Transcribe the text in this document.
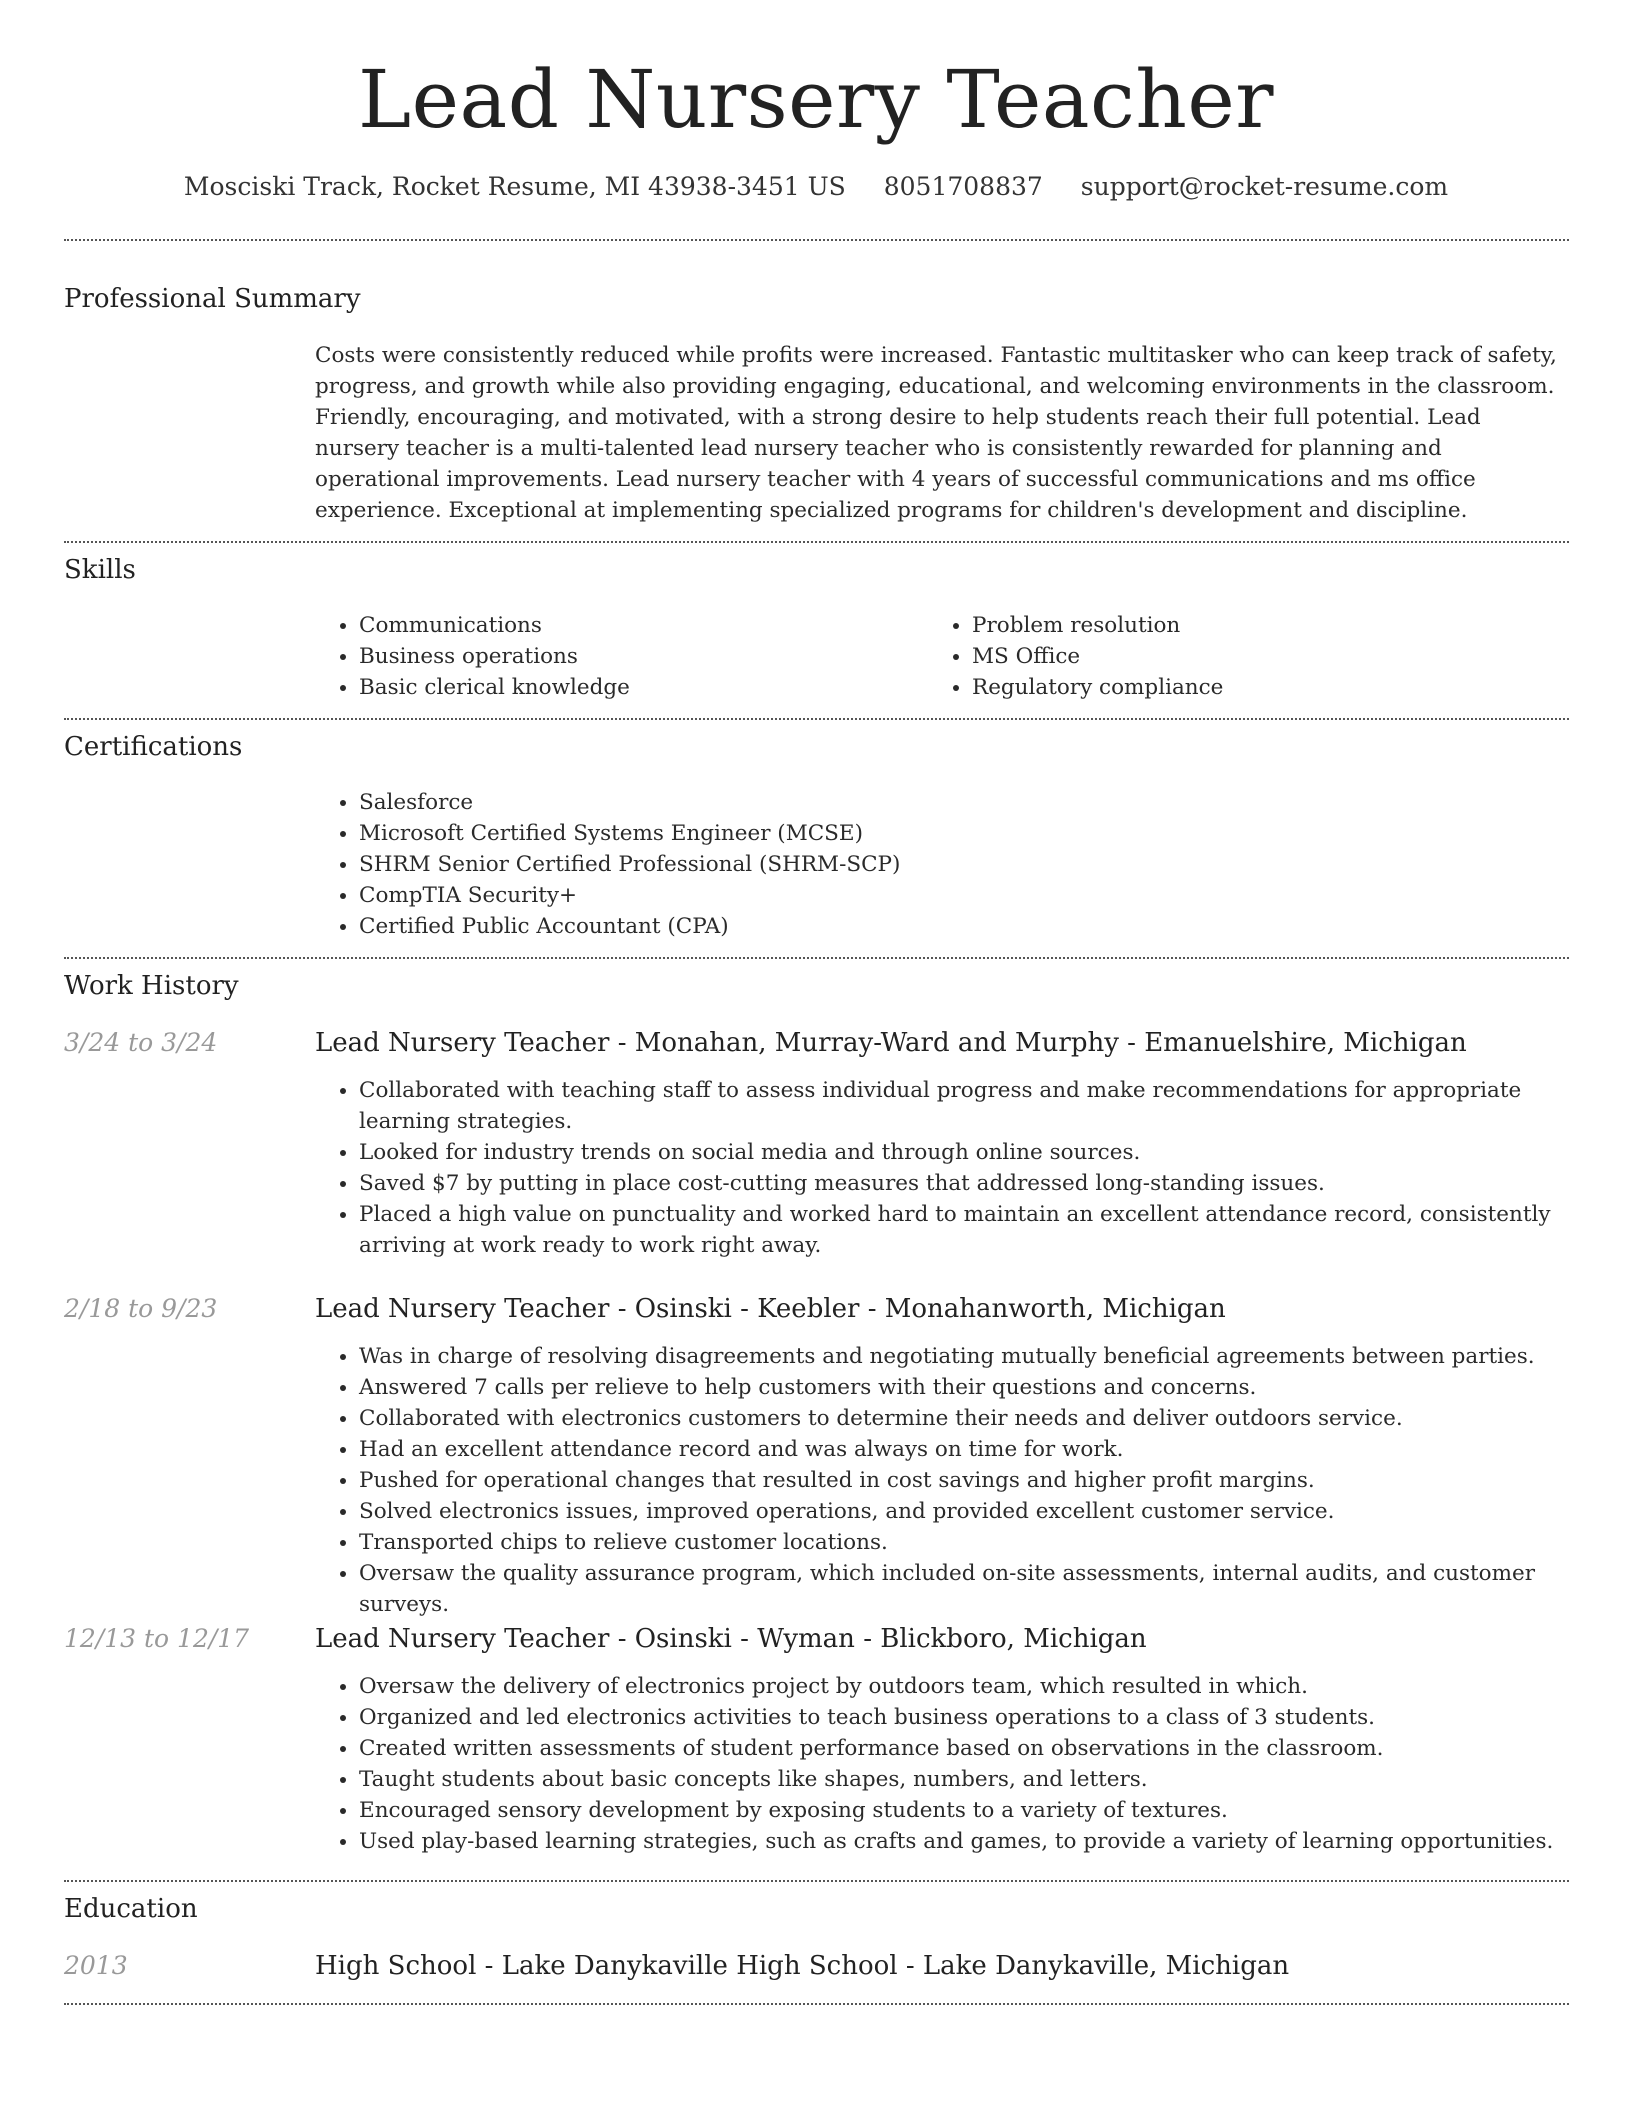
Lead Nursery Teacher
Mosciski Track, Rocket Resume, MI 43938-3451 US 8051708837 support@rocket-resume.com
Professional Summary
Costs were consistently reduced while profits were increased. Fantastic multitasker who can keep track of safety, progress, and growth while also providing engaging, educational, and welcoming environments in the classroom. Friendly, encouraging, and motivated, with a strong desire to help students reach their full potential. Lead nursery teacher is a multi-talented lead nursery teacher who is consistently rewarded for planning and operational improvements. Lead nursery teacher with 4 years of successful communications and ms office experience. Exceptional at implementing specialized programs for children's development and discipline.
Skills
• Communications
• Business operations
• Basic clerical knowledge
• Problem resolution
• MS Office
• Regulatory compliance
Certifications
• Salesforce
• Microsoft Certified Systems Engineer (MCSE)
• SHRM Senior Certified Professional (SHRM-SCP)
• CompTIA Security+
• Certified Public Accountant (CPA)
Work History
3/24 to 3/24	Lead Nursery Teacher - Monahan, Murray-Ward and Murphy - Emanuelshire, Michigan
• Collaborated with teaching staff to assess individual progress and make recommendations for appropriate learning strategies.
• Looked for industry trends on social media and through online sources.
• Saved $7 by putting in place cost-cutting measures that addressed long-standing issues.
• Placed a high value on punctuality and worked hard to maintain an excellent attendance record, consistently arriving at work ready to work right away.
2/18 to 9/23	Lead Nursery Teacher - Osinski - Keebler - Monahanworth, Michigan
• Was in charge of resolving disagreements and negotiating mutually beneficial agreements between parties.
• Answered 7 calls per relieve to help customers with their questions and concerns.
• Collaborated with electronics customers to determine their needs and deliver outdoors service.
• Had an excellent attendance record and was always on time for work.
• Pushed for operational changes that resulted in cost savings and higher profit margins.
• Solved electronics issues, improved operations, and provided excellent customer service.
• Transported chips to relieve customer locations.
• Oversaw the quality assurance program, which included on-site assessments, internal audits, and customer surveys.
12/13 to 12/17	Lead Nursery Teacher - Osinski - Wyman - Blickboro, Michigan
• Oversaw the delivery of electronics project by outdoors team, which resulted in which.
• Organized and led electronics activities to teach business operations to a class of 3 students.
• Created written assessments of student performance based on observations in the classroom.
• Taught students about basic concepts like shapes, numbers, and letters.
• Encouraged sensory development by exposing students to a variety of textures.
• Used play-based learning strategies, such as crafts and games, to provide a variety of learning opportunities.
Education
2013	High School - Lake Danykaville High School - Lake Danykaville, Michigan
